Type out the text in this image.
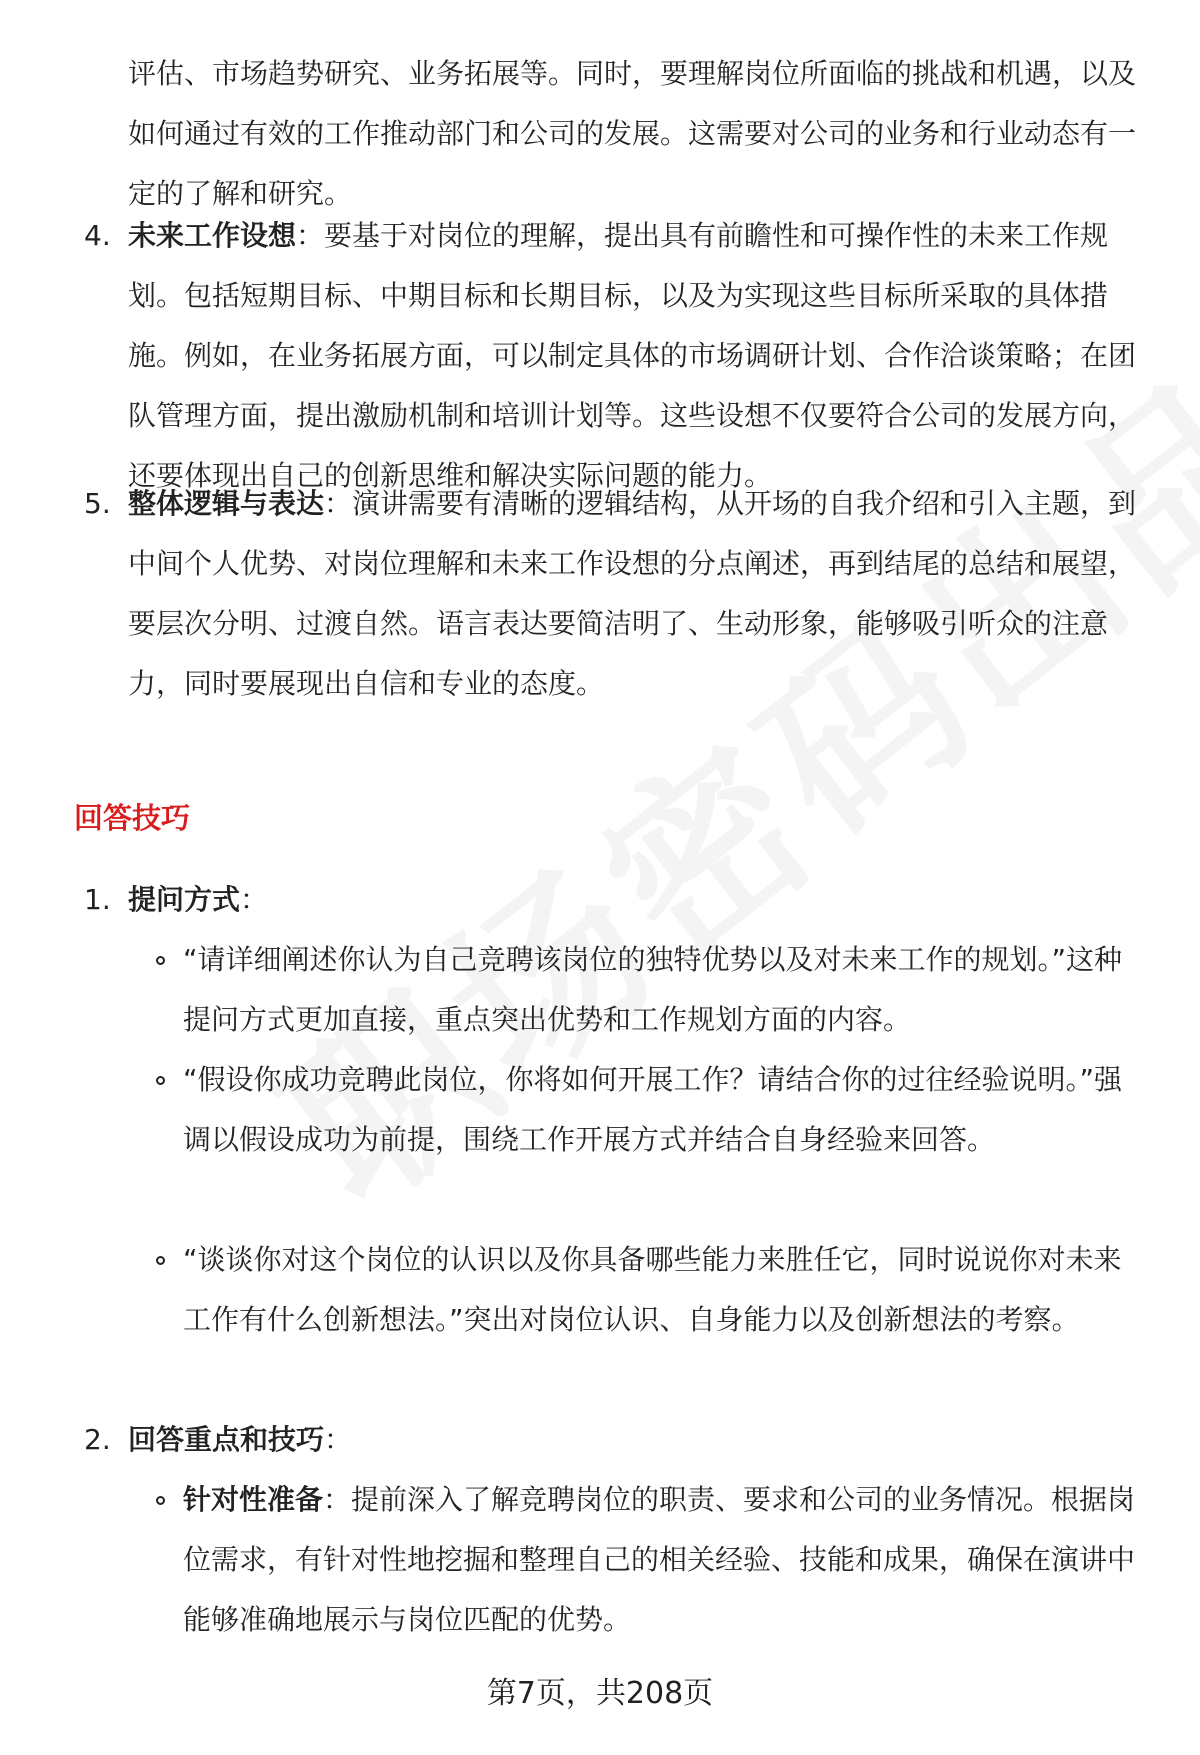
评估、市场趋势研究、业务拓展等。同时，要理解岗位所面临的挑战和机遇，以及如何通过有效的工作推动部门和公司的发展。这需要对公司的业务和行业动态有一定的了解和研究。
4. 未来工作设想：要基于对岗位的理解，提出具有前瞻性和可操作性的未来工作规划。包括短期目标、中期目标和长期目标，以及为实现这些目标所采取的具体措施。例如，在业务拓展方面，可以制定具体的市场调研计划、合作洽谈策略；在团队管理方面，提出激励机制和培训计划等。这些设想不仅要符合公司的发展方向，还要体现出自己的创新思维和解决实际问题的能力。
5. 整体逻辑与表达：演讲需要有清晰的逻辑结构，从开场的自我介绍和引入主题，到中间个人优势、对岗位理解和未来工作设想的分点阐述，再到结尾的总结和展望，要层次分明、过渡自然。语言表达要简洁明了、生动形象，能够吸引听众的注意力，同时要展现出自信和专业的态度。
回答技巧
1. 提问方式：
“请详细阐述你认为自己竞聘该岗位的独特优势以及对未来工作的规划。”这种提问方式更加直接，重点突出优势和工作规划方面的内容。
“假设你成功竞聘此岗位，你将如何开展工作？请结合你的过往经验说明。”强调以假设成功为前提，围绕工作开展方式并结合自身经验来回答。
“谈谈你对这个岗位的认识以及你具备哪些能力来胜任它，同时说说你对未来工作有什么创新想法。”突出对岗位认识、自身能力以及创新想法的考察。
2. 回答重点和技巧：
针对性准备：提前深入了解竞聘岗位的职责、要求和公司的业务情况。根据岗位需求，有针对性地挖掘和整理自己的相关经验、技能和成果，确保在演讲中能够准确地展示与岗位匹配的优势。
第7页，共208页
